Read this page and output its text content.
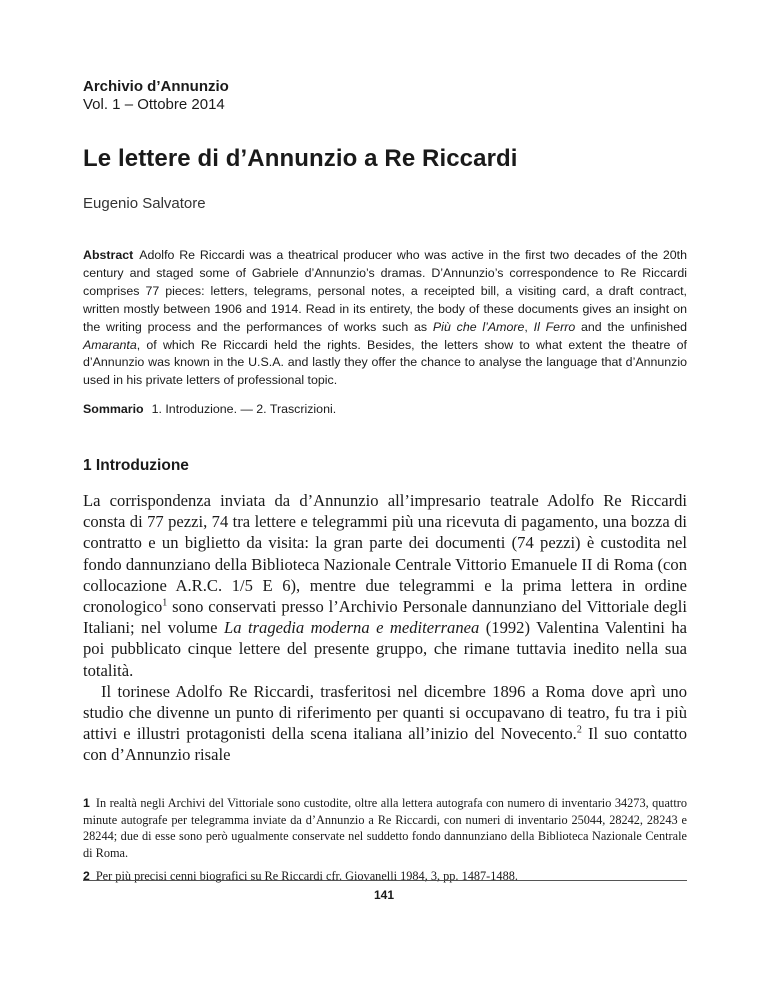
Archivio d’Annunzio
Vol. 1 – Ottobre 2014
Le lettere di d’Annunzio a Re Riccardi
Eugenio Salvatore
Abstract Adolfo Re Riccardi was a theatrical producer who was active in the first two decades of the 20th century and staged some of Gabriele d’Annunzio’s dramas. D’Annunzio’s correspondence to Re Riccardi comprises 77 pieces: letters, telegrams, personal notes, a receipted bill, a visiting card, a draft contract, written mostly between 1906 and 1914. Read in its entirety, the body of these documents gives an insight on the writing process and the performances of works such as Più che l’Amore, Il Ferro and the unfinished Amaranta, of which Re Riccardi held the rights. Besides, the letters show to what extent the theatre of d’Annunzio was known in the U.S.A. and lastly they offer the chance to analyse the language that d’Annunzio used in his private letters of professional topic.
Sommario 1. Introduzione. — 2. Trascrizioni.
1 Introduzione

La corrispondenza inviata da d’Annunzio all’impresario teatrale Adolfo Re Riccardi consta di 77 pezzi, 74 tra lettere e telegrammi più una ricevuta di pagamento, una bozza di contratto e un biglietto da visita: la gran parte dei documenti (74 pezzi) è custodita nel fondo dannunziano della Biblioteca Nazionale Centrale Vittorio Emanuele II di Roma (con collocazione A.R.C. 1/5 E 6), mentre due telegrammi e la prima lettera in ordine cronologico$^1$ sono conservati presso l’Archivio Personale dannunziano del Vittoriale degli Italiani; nel volume La tragedia moderna e mediterranea (1992) Valentina Valentini ha poi pubblicato cinque lettere del presente gruppo, che rimane tuttavia inedito nella sua totalità.

Il torinese Adolfo Re Riccardi, trasferitosi nel dicembre 1896 a Roma dove aprì uno studio che divenne un punto di riferimento per quanti si occupavano di teatro, fu tra i più attivi e illustri protagonisti della scena italiana all’inizio del Novecento.$^2$ Il suo contatto con d’Annunzio risale

1 In realtà negli Archivi del Vittoriale sono custodite, oltre alla lettera autografa con numero di inventario 34273, quattro minute autografe per telegramma inviate da d’Annunzio a Re Riccardi, con numeri di inventario 25044, 28242, 28243 e 28244; due di esse sono però ugualmente conservate nel suddetto fondo dannunziano della Biblioteca Nazionale Centrale di Roma.

2 Per più precisi cenni biografici su Re Riccardi cfr. Giovanelli 1984, 3, pp. 1487-1488.

141
